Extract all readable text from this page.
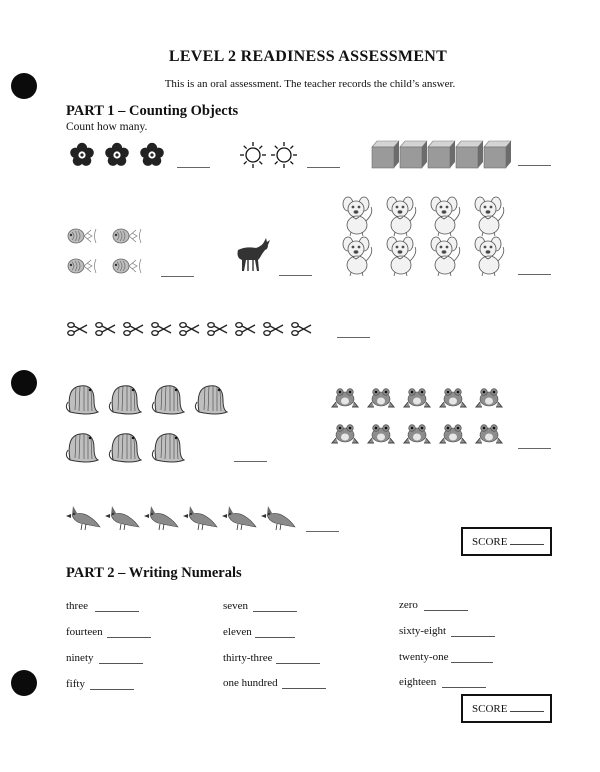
LEVEL 2 READINESS ASSESSMENT
This is an oral assessment. The teacher records the child’s answer.
PART 1 – Counting Objects
Count how many.
SCORE
PART 2 – Writing Numerals
three
fourteen
ninety
fifty
seven
eleven
thirty-three
one hundred
zero
sixty-eight
twenty-one
eighteen
SCORE
